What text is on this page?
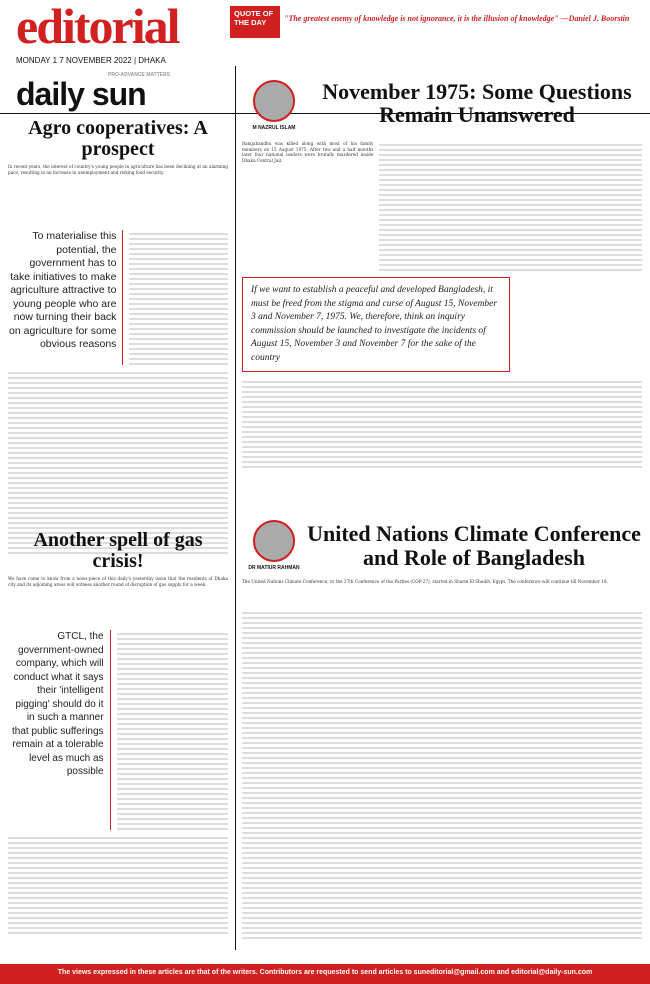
editorial	QUOTE OF THE DAY	"The greatest enemy of knowledge is not ignorance, it is the illusion of knowledge" —Daniel J. Boorstin
MONDAY 1 7 NOVEMBER 2022 | DHAKA
PRO-ADVANCE MATTERS
daily sun
Agro cooperatives: A prospect

In recent years, the interest of country's young people in agriculture has been declining at an alarming pace, resulting in an increase in unemployment and risking food security.

To materialise this potential, the government has to take initiatives to make agriculture attractive to young people who are now turning their back on agriculture for some obvious reasons
Another spell of gas crisis!

We have come to know from a news-piece of this daily's yesterday issue that the residents of Dhaka city and its adjoining areas will witness another round of disruption of gas supply for a week.

GTCL, the government-owned company, which will conduct what it says their 'intelligent pigging' should do it in such a manner that public sufferings remain at a tolerable level as much as possible
M NAZRUL ISLAM
November 1975: Some Questions Remain Unanswered

Bangabandhu was killed along with most of his family members on 15 August 1975. After two and a half months later four national leaders were brutally murdered inside Dhaka Central Jail.

If we want to establish a peaceful and developed Bangladesh, it must be freed from the stigma and curse of August 15, November 3 and November 7, 1975. We, therefore, think an inquiry commission should be launched to investigate the incidents of August 15, November 3 and November 7 for the sake of the country
DR MATIUR RAHMAN
United Nations Climate Conference and Role of Bangladesh

The United Nations Climate Conference, or the 27th Conference of the Parties (COP-27), started in Sharm El Sheikh, Egypt. The conference will continue till November 18.

The views expressed in these articles are that of the writers. Contributors are requested to send articles to suneditorial@gmail.com and editorial@daily-sun.com
